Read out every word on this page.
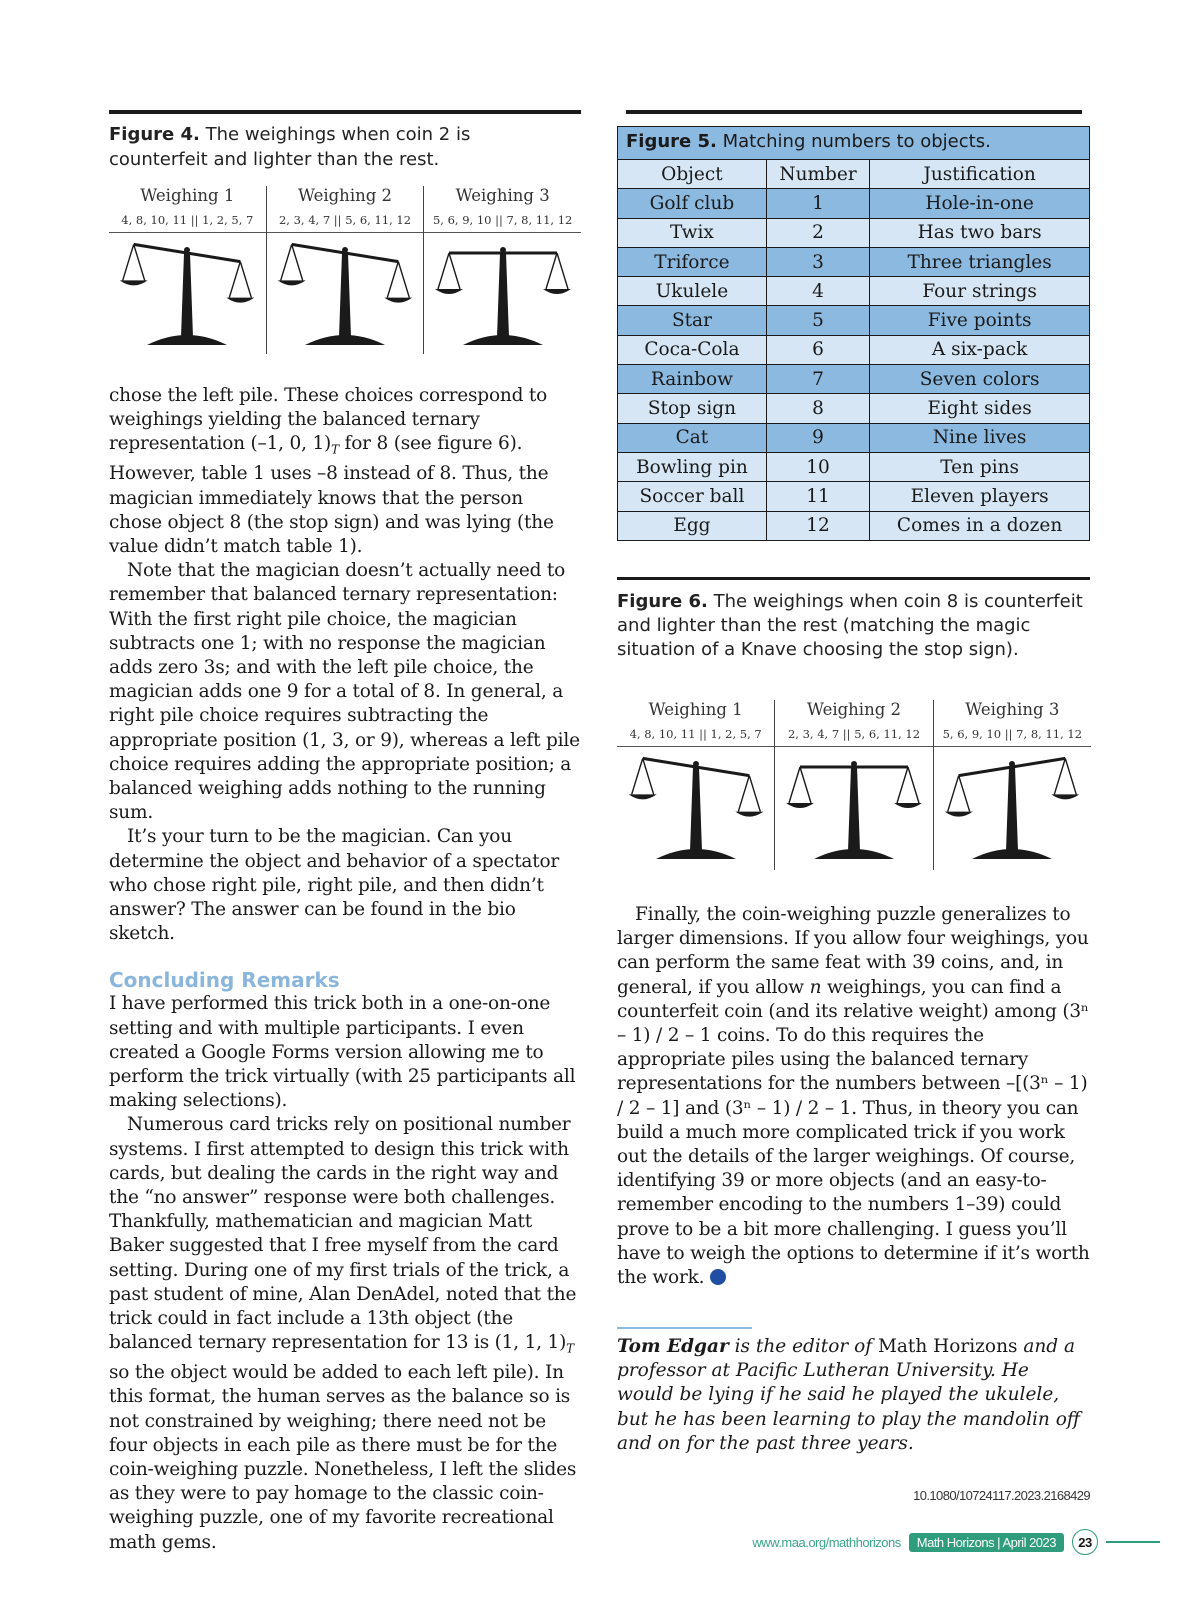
Figure 4. The weighings when coin 2 is counterfeit and lighter than the rest.

Weighing 1
4, 8, 10, 11 || 1, 2, 5, 7
Weighing 2
2, 3, 4, 7 || 5, 6, 11, 12
Weighing 3
5, 6, 9, 10 || 7, 8, 11, 12

chose the left pile. These choices correspond to weighings yielding the balanced ternary representation (–1, 0, $1)_T$ for 8 (see figure 6). However, table 1 uses –8 instead of 8. Thus, the magician immediately knows that the person chose object 8 (the stop sign) and was lying (the value didn’t match table 1).

Note that the magician doesn’t actually need to remember that balanced ternary representation: With the first right pile choice, the magician subtracts one 1; with no response the magician adds zero 3s; and with the left pile choice, the magician adds one 9 for a total of 8. In general, a right pile choice requires subtracting the appropriate position (1, 3, or 9), whereas a left pile choice requires adding the appropriate position; a balanced weighing adds nothing to the running sum.

It’s your turn to be the magician. Can you determine the object and behavior of a spectator who chose right pile, right pile, and then didn’t answer? The answer can be found in the bio sketch.

Concluding Remarks

I have performed this trick both in a one-on-one setting and with multiple participants. I even created a Google Forms version allowing me to perform the trick virtually (with 25 participants all making selections).

Numerous card tricks rely on positional number systems. I first attempted to design this trick with cards, but dealing the cards in the right way and the “no answer” response were both challenges. Thankfully, mathematician and magician Matt Baker suggested that I free myself from the card setting. During one of my first trials of the trick, a past student of mine, Alan DenAdel, noted that the trick could in fact include a 13th object (the balanced ternary representation for 13 is (1, 1, $1)_T$ so the object would be added to each left pile). In this format, the human serves as the balance so is not constrained by weighing; there need not be four objects in each pile as there must be for the coin-weighing puzzle. Nonetheless, I left the slides as they were to pay homage to the classic coin-weighing puzzle, one of my favorite recreational math gems.

Figure 5. Matching numbers to objects.
Object	Number	Justification
Golf club	1	Hole-in-one
Twix	2	Has two bars
Triforce	3	Three triangles
Ukulele	4	Four strings
Star	5	Five points
Coca-Cola	6	A six-pack
Rainbow	7	Seven colors
Stop sign	8	Eight sides
Cat	9	Nine lives
Bowling pin	10	Ten pins
Soccer ball	11	Eleven players
Egg	12	Comes in a dozen

Figure 6. The weighings when coin 8 is counterfeit and lighter than the rest (matching the magic situation of a Knave choosing the stop sign).

Weighing 1
4, 8, 10, 11 || 1, 2, 5, 7
Weighing 2
2, 3, 4, 7 || 5, 6, 11, 12
Weighing 3
5, 6, 9, 10 || 7, 8, 11, 12

Finally, the coin-weighing puzzle generalizes to larger dimensions. If you allow four weighings, you can perform the same feat with 39 coins, and, in general, if you allow n weighings, you can find a counterfeit coin (and its relative weight) among (3ⁿ – 1) / 2 – 1 coins. To do this requires the appropriate piles using the balanced ternary representations for the numbers between –[(3ⁿ – 1) / 2 – 1] and (3ⁿ – 1) / 2 – 1. Thus, in theory you can build a much more complicated trick if you work out the details of the larger weighings. Of course, identifying 39 or more objects (and an easy-to-remember encoding to the numbers 1–39) could prove to be a bit more challenging. I guess you’ll have to weigh the options to determine if it’s worth the work.

Tom Edgar is the editor of Math Horizons and a professor at Pacific Lutheran University. He would be lying if he said he played the ukulele, but he has been learning to play the mandolin off and on for the past three years.

10.1080/10724117.2023.2168429
www.maa.org/mathhorizons	Math Horizons | April 2023	23
